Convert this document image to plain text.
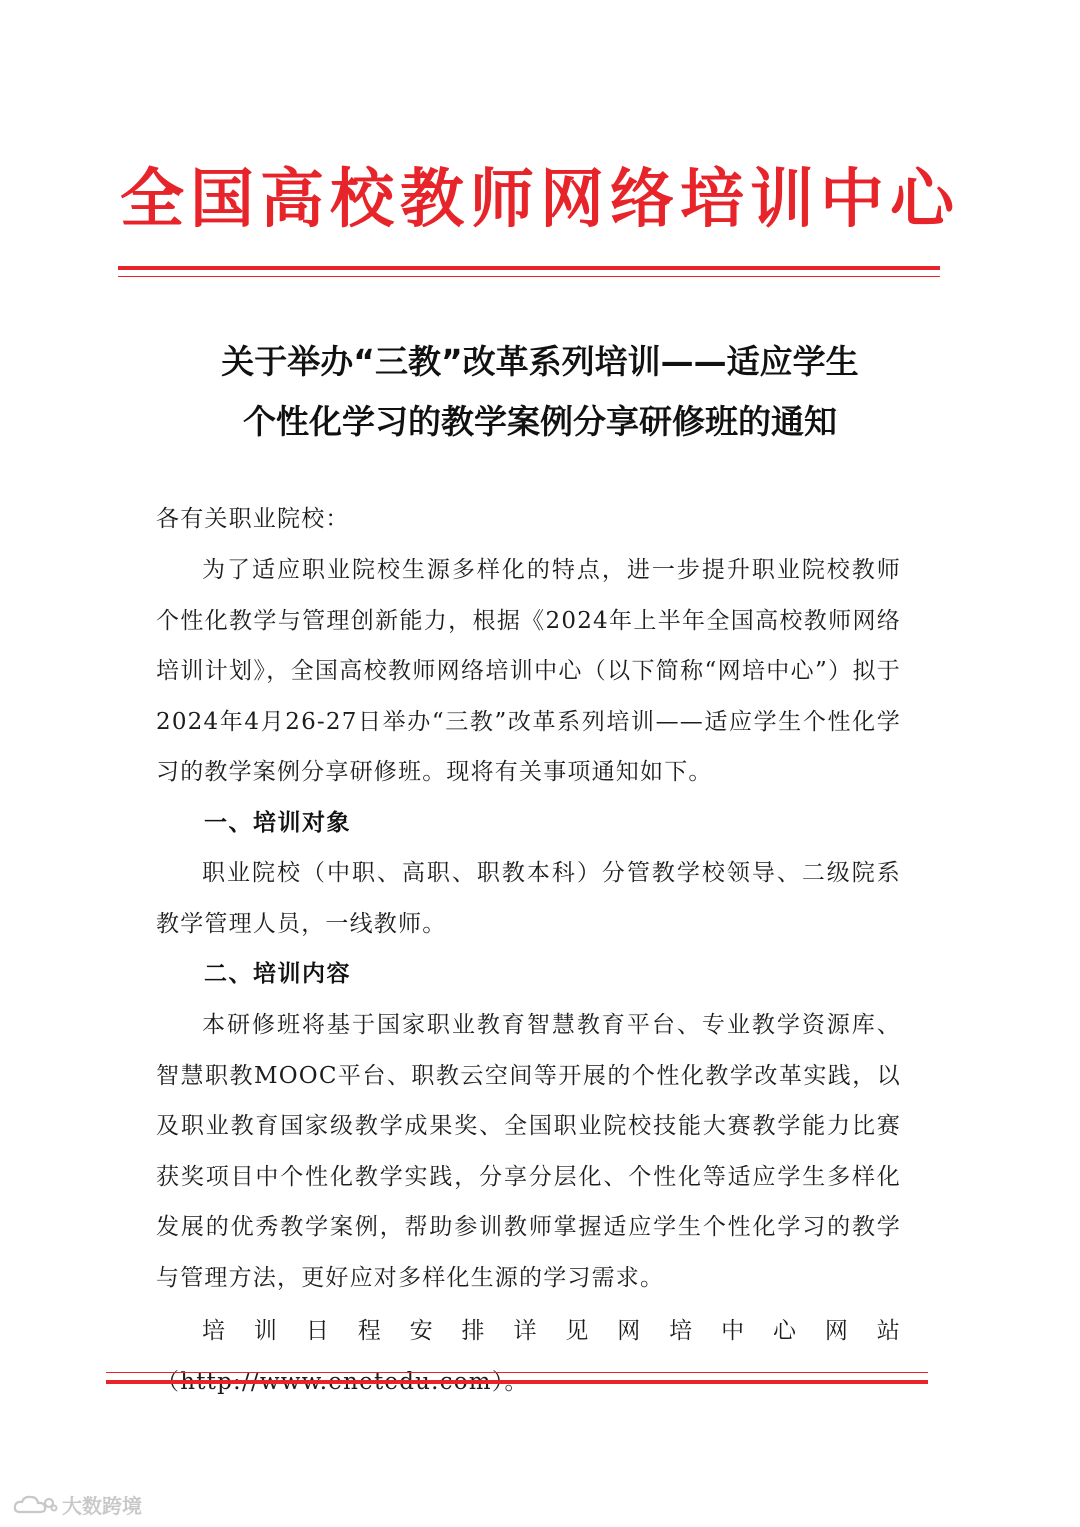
全国高校教师网络培训中心
关于举办“三教”改革系列培训——适应学生
个性化学习的教学案例分享研修班的通知
各有关职业院校：
为了适应职业院校生源多样化的特点，进一步提升职业院校教师个性化教学与管理创新能力，根据《2024年上半年全国高校教师网络培训计划》，全国高校教师网络培训中心（以下简称“网培中心”）拟于2024年4月26-27日举办“三教”改革系列培训——适应学生个性化学习的教学案例分享研修班。现将有关事项通知如下。
一、培训对象
职业院校（中职、高职、职教本科）分管教学校领导、二级院系教学管理人员，一线教师。
二、培训内容
本研修班将基于国家职业教育智慧教育平台、专业教学资源库、智慧职教MOOC平台、职教云空间等开展的个性化教学改革实践，以及职业教育国家级教学成果奖、全国职业院校技能大赛教学能力比赛获奖项目中个性化教学实践，分享分层化、个性化等适应学生多样化发展的优秀教学案例，帮助参训教师掌握适应学生个性化学习的教学与管理方法，更好应对多样化生源的学习需求。
培训日程安排详见网培中心网站（http://www.enetedu.com）。
大数跨境
